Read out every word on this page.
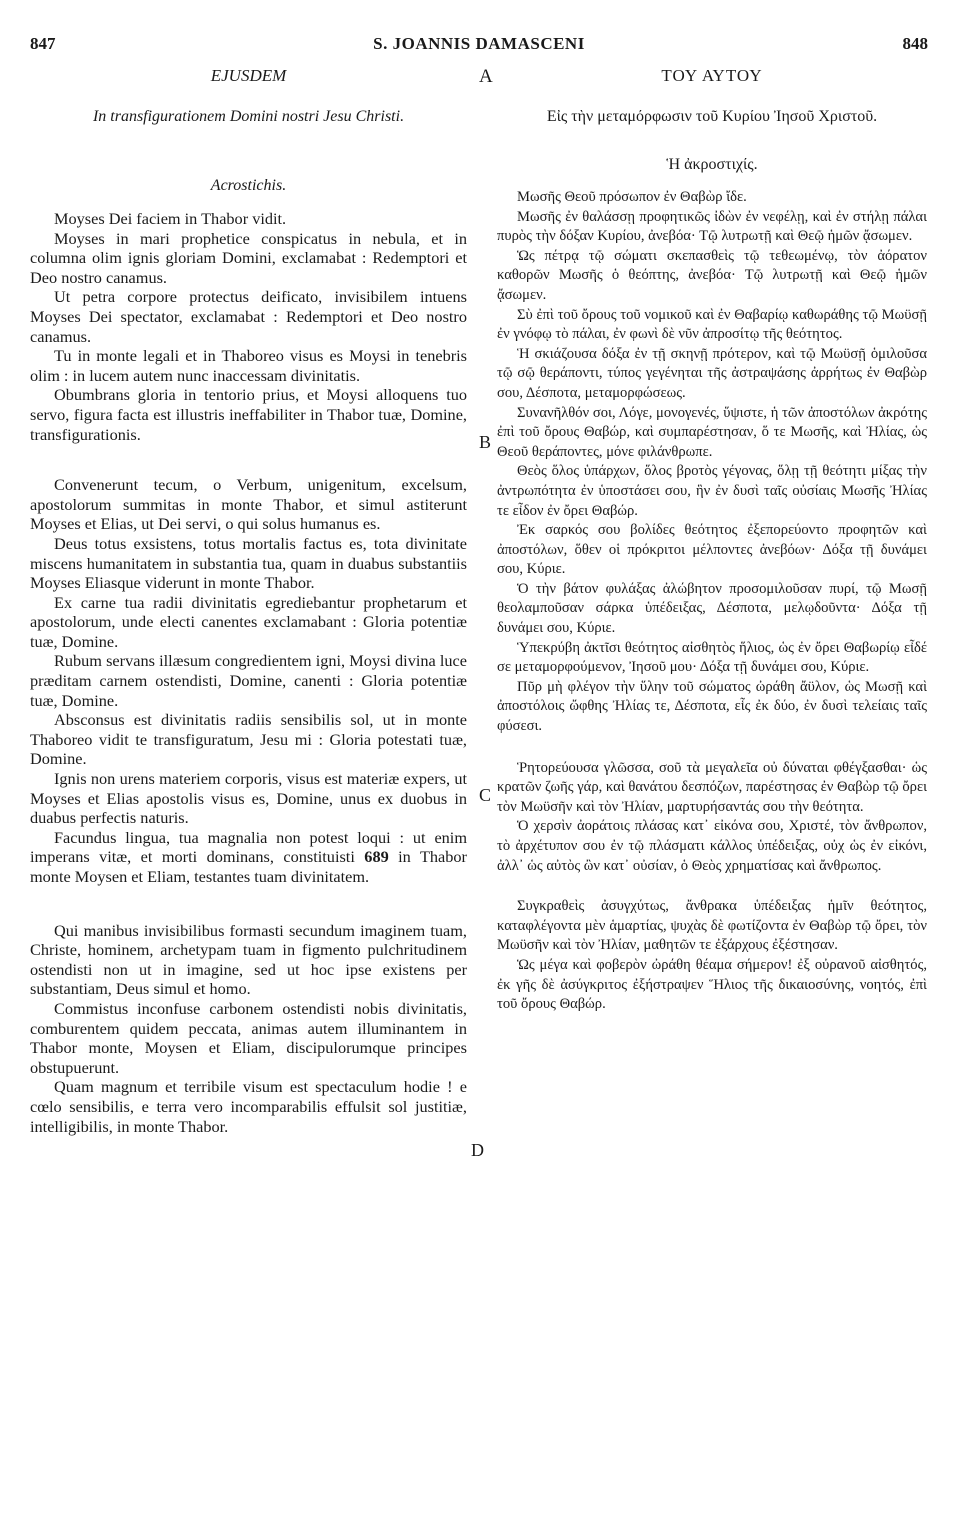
847	S. JOANNIS DAMASCENI	848
A
B
C
D
EJUSDEM
In transfigurationem Domini nostri Jesu Christi.
Acrostichis.

Moyses Dei faciem in Thabor vidit.

Moyses in mari prophetice conspicatus in nebula, et in columna olim ignis gloriam Domini, exclamabat : Redemptori et Deo nostro canamus.

Ut petra corpore protectus deificato, invisibilem intuens Moyses Dei spectator, exclamabat : Redemptori et Deo nostro canamus.

Tu in monte legali et in Thaboreo visus es Moysi in tenebris olim : in lucem autem nunc inaccessam divinitatis.

Obumbrans gloria in tentorio prius, et Moysi alloquens tuo servo, figura facta est illustris ineffabiliter in Thabor tuæ, Domine, transfigurationis.

Convenerunt tecum, o Verbum, unigenitum, excelsum, apostolorum summitas in monte Thabor, et simul astiterunt Moyses et Elias, ut Dei servi, o qui solus humanus es.

Deus totus exsistens, totus mortalis factus es, tota divinitate miscens humanitatem in substantia tua, quam in duabus substantiis Moyses Eliasque viderunt in monte Thabor.

Ex carne tua radii divinitatis egrediebantur prophetarum et apostolorum, unde electi canentes exclamabant : Gloria potentiæ tuæ, Domine.

Rubum servans illæsum congredientem igni, Moysi divina luce præditam carnem ostendisti, Domine, canenti : Gloria potentiæ tuæ, Domine.

Absconsus est divinitatis radiis sensibilis sol, ut in monte Thaboreo vidit te transfiguratum, Jesu mi : Gloria potestati tuæ, Domine.

Ignis non urens materiem corporis, visus est materiæ expers, ut Moyses et Elias apostolis visus es, Domine, unus ex duobus in duabus perfectis naturis.

Facundus lingua, tua magnalia non potest loqui : ut enim imperans vitæ, et morti dominans, constituisti 689 in Thabor monte Moysen et Eliam, testantes tuam divinitatem.

Qui manibus invisibilibus formasti secundum imaginem tuam, Christe, hominem, archetypam tuam in figmento pulchritudinem ostendisti non ut in imagine, sed ut hoc ipse existens per substantiam, Deus simul et homo.

Commistus inconfuse carbonem ostendisti nobis divinitatis, comburentem quidem peccata, animas autem illuminantem in Thabor monte, Moysen et Eliam, discipulorumque principes obstupuerunt.

Quam magnum et terribile visum est spectaculum hodie ! e cœlo sensibilis, e terra vero incomparabilis effulsit sol justitiæ, intelligibilis, in monte Thabor.

ΤΟΥ ΑΥΤΟΥ
Εἰς τὴν μεταμόρφωσιν τοῦ Κυρίου Ἰησοῦ Χριστοῦ.
Ἡ ἀκροστιχίς.

Μωσῆς Θεοῦ πρόσωπον ἐν Θαβὼρ ἴδε.

Μωσῆς ἐν θαλάσσῃ προφητικῶς ἰδὼν ἐν νεφέλῃ, καὶ ἐν στήλῃ πάλαι πυρὸς τὴν δόξαν Κυρίου, ἀνεβόα· Τῷ λυτρωτῇ καὶ Θεῷ ἡμῶν ᾄσωμεν.

Ὡς πέτρᾳ τῷ σώματι σκεπασθεὶς τῷ τεθεωμένῳ, τὸν ἀόρατον καθορῶν Μωσῆς ὁ θεόπτης, ἀνεβόα· Τῷ λυτρωτῇ καὶ Θεῷ ἡμῶν ᾄσωμεν.

Σὺ ἐπὶ τοῦ ὄρους τοῦ νομικοῦ καὶ ἐν Θαβαρίῳ καθωράθης τῷ Μωϋσῇ ἐν γνόφῳ τὸ πάλαι, ἐν φωνὶ δὲ νῦν ἀπροσίτῳ τῆς θεότητος.

Ἡ σκιάζουσα δόξα ἐν τῇ σκηνῇ πρότερον, καὶ τῷ Μωϋσῇ ὁμιλοῦσα τῷ σῷ θεράποντι, τύπος γεγένηται τῆς ἀστραψάσης ἀρρήτως ἐν Θαβὼρ σου, Δέσποτα, μεταμορφώσεως.

Συνανῆλθόν σοι, Λόγε, μονογενές, ὕψιστε, ἡ τῶν ἀποστόλων ἀκρότης ἐπὶ τοῦ ὄρους Θαβώρ, καὶ συμπαρέστησαν, ὅ τε Μωσῆς, καὶ Ἠλίας, ὡς Θεοῦ θεράποντες, μόνε φιλάνθρωπε.

Θεὸς ὅλος ὑπάρχων, ὅλος βροτὸς γέγονας, ὅλῃ τῇ θεότητι μίξας τὴν ἀντρωπότητα ἐν ὑποστάσει σου, ἣν ἐν δυσὶ ταῖς οὐσίαις Μωσῆς Ἠλίας τε εἶδον ἐν ὄρει Θαβώρ.

Ἐκ σαρκός σου βολίδες θεότητος ἐξεπορεύοντο προφητῶν καὶ ἀποστόλων, ὅθεν οἱ πρόκριτοι μέλποντες ἀνεβόων· Δόξα τῇ δυνάμει σου, Κύριε.

Ὁ τὴν βάτον φυλάξας ἀλώβητον προσομιλοῦσαν πυρί, τῷ Μωσῇ θεολαμποῦσαν σάρκα ὑπέδειξας, Δέσποτα, μελῳδοῦντα· Δόξα τῇ δυνάμει σου, Κύριε.

Ὑπεκρύβη ἀκτῖσι θεότητος αἰσθητὸς ἥλιος, ὡς ἐν ὄρει Θαβωρίῳ εἶδέ σε μεταμορφούμενον, Ἰησοῦ μου· Δόξα τῇ δυνάμει σου, Κύριε.

Πῦρ μὴ φλέγον τὴν ὕλην τοῦ σώματος ὠράθη ἄϋλον, ὡς Μωσῇ καὶ ἀποστόλοις ὤφθης Ἠλίας τε, Δέσποτα, εἷς ἐκ δύο, ἐν δυσὶ τελείαις ταῖς φύσεσι.

Ῥητορεύουσα γλῶσσα, σοῦ τὰ μεγαλεῖα οὐ δύναται φθέγξασθαι· ὡς κρατῶν ζωῆς γάρ, καὶ θανάτου δεσπόζων, παρέστησας ἐν Θαβὼρ τῷ ὄρει τὸν Μωϋσῆν καὶ τὸν Ἠλίαν, μαρτυρήσαντάς σου τὴν θεότητα.

Ὁ χερσὶν ἀοράτοις πλάσας κατ᾽ εἰκόνα σου, Χριστέ, τὸν ἄνθρωπον, τὸ ἀρχέτυπον σου ἐν τῷ πλάσματι κάλλος ὑπέδειξας, οὐχ ὡς ἐν εἰκόνι, ἀλλ᾽ ὡς αὐτὸς ὢν κατ᾽ οὐσίαν, ὁ Θεὸς χρηματίσας καὶ ἄνθρωπος.

Συγκραθεὶς ἀσυγχύτως, ἄνθρακα ὑπέδειξας ἡμῖν θεότητος, καταφλέγοντα μὲν ἁμαρτίας, ψυχὰς δὲ φωτίζοντα ἐν Θαβὼρ τῷ ὄρει, τὸν Μωϋσῆν καὶ τὸν Ἠλίαν, μαθητῶν τε ἐξάρχους ἐξέστησαν.

Ὡς μέγα καὶ φοβερὸν ὠράθη θέαμα σήμερον! ἐξ οὐρανοῦ αἰσθητός, ἐκ γῆς δὲ ἀσύγκριτος ἐξήστραψεν Ἥλιος τῆς δικαιοσύνης, νοητός, ἐπὶ τοῦ ὄρους Θαβώρ.
